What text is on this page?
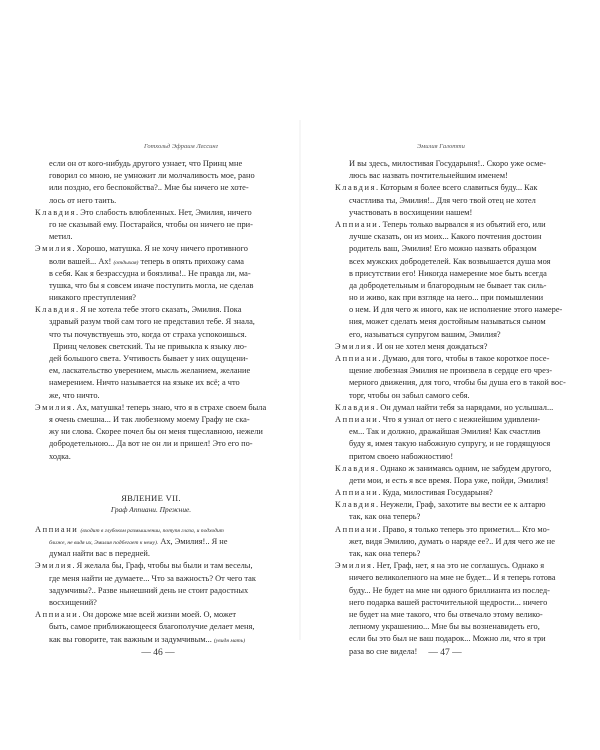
Готхольд Эфраим Лессинг
если он от кого-нибудь другого узнает, что Принц мне
говорил со мною, не умножит ли молчаливость мое, рано
или поздно, его беспокойства?.. Мне бы ничего не хоте-
лось от него таить.
Клавдия. Это слабость влюбленных. Нет, Эмилия, ничего
го не сказывай ему. Постарайся, чтобы он ничего не при-
метил.
Эмилия. Хорошо, матушка. Я не хочу ничего противного
воли вашей... Ах! (отдыхая) теперь в опять прихожу сама
в себя. Как я безрассудна и боязлива!.. Не правда ли, ма-
тушка, что бы я совсем иначе поступить могла, не сделав
никакого преступления?
Клавдия. Я не хотела тебе этого сказать, Эмилия. Пока
здравый разум твой сам того не представил тебе. Я знала,
что ты почувствуешь это, когда от страха успокоишься.
Принц человек светский. Ты не привыкла к языку лю-
дей большого света. Учтивость бывает у них ощущени-
ем, ласкательство уверением, мысль желанием, желание
намерением. Ничто называется на языке их всё; а что
же, что ничто.
Эмилия. Ах, матушка! теперь знаю, что я в страхе своем была
я очень смешна... И так любезному моему Графу не ска-
жу ни слова. Скорее почел бы он меня тщеславною, нежели
добродетельною... Да вот не он ли и пришел! Это его по-
ходка.
ЯВЛЕНИЕ VII.
Граф Аппиани. Прежние.
Аппиани (входит в глубоком размышлении, потупя глаза, и подходит
ближе, не видя их, Эмилия подбегает к нему). Ах, Эмилия!.. Я не
думал найти вас в передней.
Эмилия. Я желала бы, Граф, чтобы вы были и там веселы,
где меня найти не думаете... Что за важность? От чего так
задумчивы?.. Разве нынешний день не стоит радостных
восхищений?
Аппиани. Он дороже мне всей жизни моей. О, может
быть, самое приближающееся благополучие делает меня,
как вы говорите, так важным и задумчивым... (увидя мать)
— 46 —
Эмилия Галотти
И вы здесь, милостивая Государыня!.. Скоро уже осме-
люсь вас назвать почтительнейшим именем!
Клавдия. Которым я более всего славиться буду... Как
счастлива ты, Эмилия!.. Для чего твой отец не хотел
участвовать в восхищении нашем!
Аппиани. Теперь только вырвался я из объятий его, или
лучше сказать, он из моих... Какого почтения достоин
родитель ваш, Эмилия! Его можно назвать образцом
всех мужских добродетелей. Как возвышается душа моя
в присутствии его! Никогда намерение мое быть всегда
да добродетельным и благородным не бывает так силь-
но и живо, как при взгляде на него... при помышлении
о нем. И для чего ж иного, как не исполнение этого намере-
ния, может сделать меня достойным называться сыном
его, называться супругом вашим, Эмилия?
Эмилия. И он не хотел меня дождаться?
Аппиани. Думаю, для того, чтобы в такое короткое посе-
щение любезная Эмилия не произвела в сердце его чрез-
мерного движения, для того, чтобы бы душа его в такой вос-
торг, чтобы он забыл самого себя.
Клавдия. Он думал найти тебя за нарядами, но услышал...
Аппиани. Что я узнал от него с нежнейшим удивлени-
ем... Так и должно, дражайшая Эмилия! Как счастлив
буду я, имея такую набожную супругу, и не гордящуюся
притом своею набожностию!
Клавдия. Однако ж занимаясь одним, не забудем другого,
дети мои, и есть я все время. Пора уже, пойди, Эмилия!
Аппиани. Куда, милостивая Государыня?
Клавдия. Неужели, Граф, захотите вы вести ее к алтарю
так, как она теперь?
Аппиани. Право, я только теперь это приметил... Кто мо-
жет, видя Эмилию, думать о наряде ее?.. И для чего же не
так, как она теперь?
Эмилия. Нет, Граф, нет, я на это не соглашусь. Однако я
ничего великолепного на мне не будет... И я теперь готова
буду... Не будет на мне ни одного бриллианта из послед-
него подарка вашей расточительной щедрости... ничего
не будет на мне такого, что бы отвечало этому велико-
лепному украшению... Мне бы вы возненавидеть его,
если бы это был не ваш подарок... Можно ли, что я три
раза во сне видела!	— 47 —
